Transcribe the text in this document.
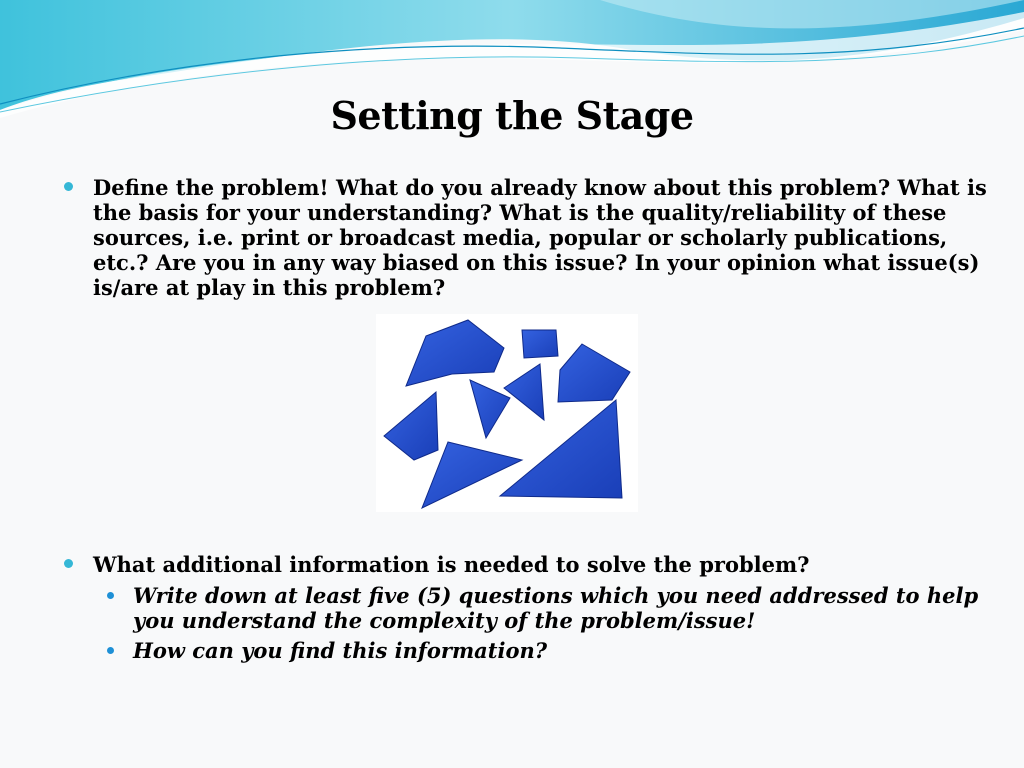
Setting the Stage
Define the problem! What do you already know about this problem? What is the basis for your understanding? What is the quality/reliability of these sources, i.e. print or broadcast media, popular or scholarly publications, etc.? Are you in any way biased on this issue? In your opinion what issue(s) is/are at play in this problem?
What additional information is needed to solve the problem?
Write down at least five (5) questions which you need addressed to help you understand the complexity of the problem/issue!
How can you find this information?
